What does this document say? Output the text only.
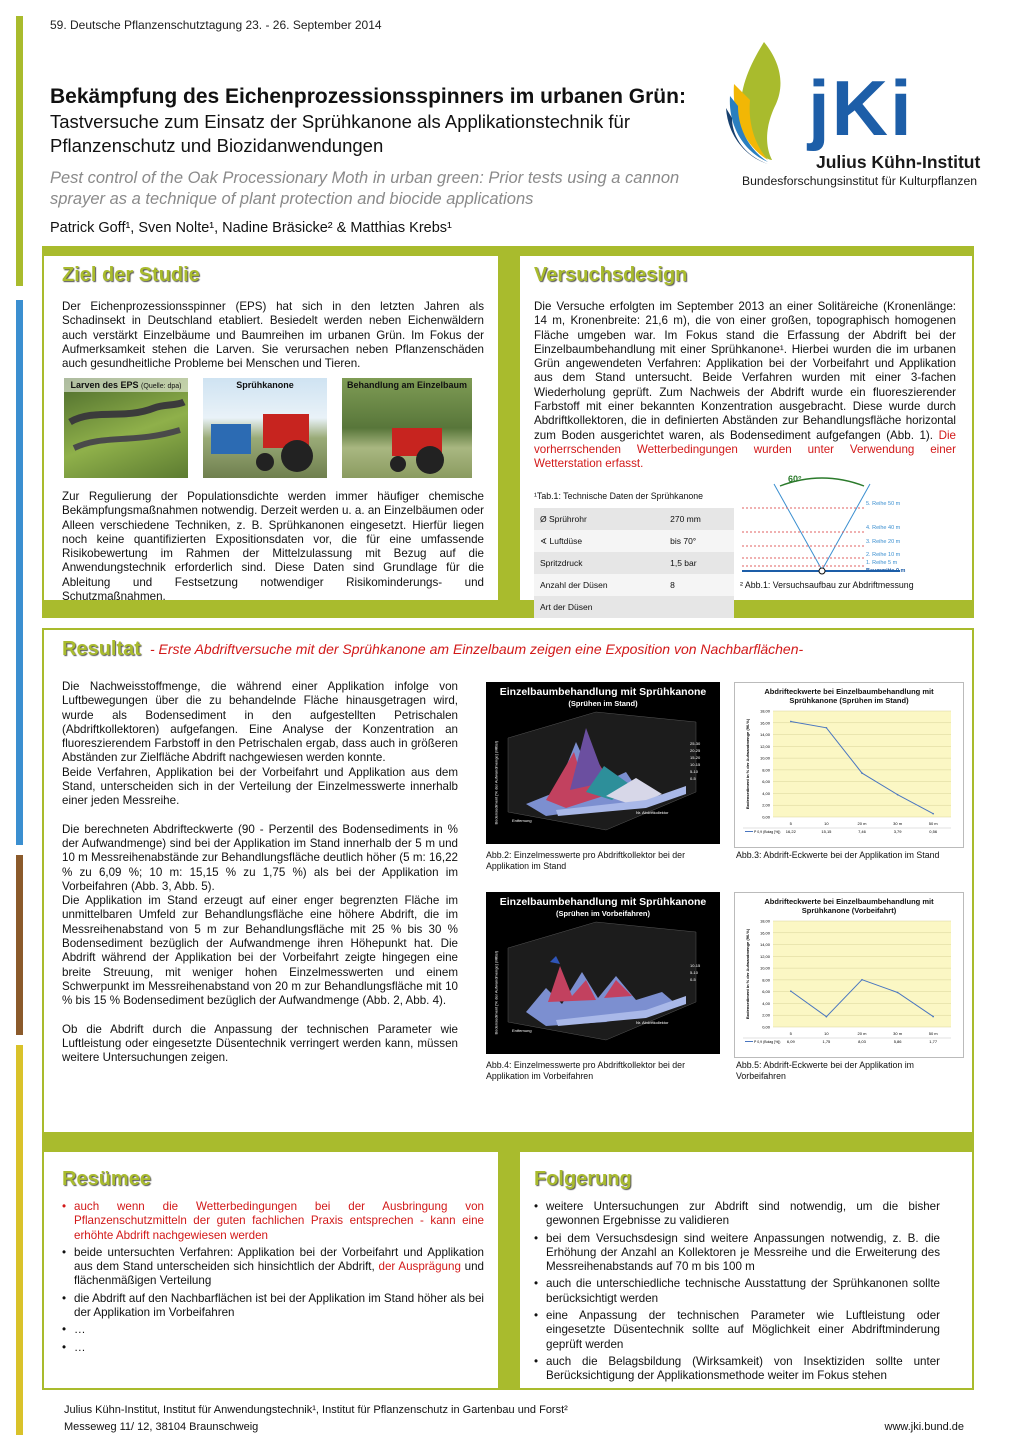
59. Deutsche Pflanzenschutztagung 23. - 26. September 2014
Bekämpfung des Eichenprozessionsspinners im urbanen Grün:
Tastversuche zum Einsatz der Sprühkanone als Applikationstechnik für Pflanzenschutz und Biozidanwendungen
Pest control of the Oak Processionary Moth in urban green: Prior tests using a cannon sprayer as a technique of plant protection and biocide applications
Patrick Goff¹, Sven Nolte¹, Nadine Bräsicke² & Matthias Krebs¹
jKi
Julius Kühn-Institut
Bundesforschungsinstitut für Kulturpflanzen
Ziel der Studie
Der Eichenprozessionsspinner (EPS) hat sich in den letzten Jahren als Schadinsekt in Deutschland etabliert. Besiedelt werden neben Eichenwäldern auch verstärkt Einzelbäume und Baumreihen im urbanen Grün. Im Fokus der Aufmerksamkeit stehen die Larven. Sie verursachen neben Pflanzenschäden auch gesundheitliche Probleme bei Menschen und Tieren.
Larven des EPS (Quelle: dpa)	Sprühkanone	Behandlung am Einzelbaum
Zur Regulierung der Populationsdichte werden immer häufiger chemische Bekämpfungsmaßnahmen notwendig. Derzeit werden u. a. an Einzelbäumen oder Alleen verschiedene Techniken, z. B. Sprühkanonen eingesetzt. Hierfür liegen noch keine quantifizierten Expositionsdaten vor, die für eine umfassende Risikobewertung im Rahmen der Mittelzulassung mit Bezug auf die Anwendungstechnik erforderlich sind. Diese Daten sind Grundlage für die Ableitung und Festsetzung notwendiger Risikominderungs- und Schutzmaßnahmen.
Versuchsdesign
Die Versuche erfolgten im September 2013 an einer Solitäreiche (Kronenlänge: 14 m, Kronenbreite: 21,6 m), die von einer großen, topographisch homogenen Fläche umgeben war. Im Fokus stand die Erfassung der Abdrift bei der Einzelbaumbehandlung mit einer Sprühkanone¹. Hierbei wurden die im urbanen Grün angewendeten Verfahren: Applikation bei der Vorbeifahrt und Applikation aus dem Stand untersucht. Beide Verfahren wurden mit einer 3-fachen Wiederholung geprüft. Zum Nachweis der Abdrift wurde ein fluoreszierender Farbstoff mit einer bekannten Konzentration ausgebracht. Diese wurde durch Abdriftkollektoren, die in definierten Abständen zur Behandlungsfläche horizontal zum Boden ausgerichtet waren, als Bodensediment aufgefangen (Abb. 1). Die vorherrschenden Wetterbedingungen wurden unter Verwendung einer Wetterstation erfasst.
¹Tab.1: Technische Daten der Sprühkanone
Ø Sprührohr	270 mm
∢ Luftdüse	bis 70°
Spritzdruck	1,5 bar
Anzahl der Düsen	8
Art der Düsen	
60°
5. Reihe 50 m
4. Reihe 40 m
3. Reihe 20 m
2. Reihe 10 m
1. Reihe 5 m
Baummitte 0 m
² Abb.1: Versuchsaufbau zur Abdriftmessung
Resultat - Erste Abdriftversuche mit der Sprühkanone am Einzelbaum zeigen eine Exposition von Nachbarflächen-

Die Nachweisstoffmenge, die während einer Applikation infolge von Luftbewegungen über die zu behandelnde Fläche hinausgetragen wird, wurde als Bodensediment in den aufgestellten Petrischalen (Abdriftkollektoren) aufgefangen. Eine Analyse der Konzentration an fluoreszierendem Farbstoff in den Petrischalen ergab, dass auch in größeren Abständen zur Zielfläche Abdrift nachgewiesen werden konnte.

Beide Verfahren, Applikation bei der Vorbeifahrt und Applikation aus dem Stand, unterscheiden sich in der Verteilung der Einzelmesswerte innerhalb einer jeden Messreihe.

Die berechneten Abdrifteckwerte (90 - Perzentil des Bodensediments in % der Aufwandmenge) sind bei der Applikation im Stand innerhalb der 5 m und 10 m Messreihenabstände zur Behandlungsfläche deutlich höher (5 m: 16,22 % zu 6,09 %; 10 m: 15,15 % zu 1,75 %) als bei der Applikation im Vorbeifahren (Abb. 3, Abb. 5).

Die Applikation im Stand erzeugt auf einer enger begrenzten Fläche im unmittelbaren Umfeld zur Behandlungsfläche eine höhere Abdrift, die im Messreihenabstand von 5 m zur Behandlungsfläche mit 25 % bis 30 % Bodensediment bezüglich der Aufwandmenge ihren Höhepunkt hat. Die Abdrift während der Applikation bei der Vorbeifahrt zeigte hingegen eine breite Streuung, mit weniger hohen Einzelmesswerten und einem Schwerpunkt im Messreihenabstand von 20 m zur Behandlungsfläche mit 10 % bis 15 % Bodensediment bezüglich der Aufwandmenge (Abb. 2, Abb. 4).

Ob die Abdrift durch die Anpassung der technischen Parameter wie Luftleistung oder eingesetzte Düsentechnik verringert werden kann, müssen weitere Untersuchungen zeigen.

Einzelbaumbehandlung mit Sprühkanone
(Sprühen im Stand)
Bodensediment [% der Aufwandmenge] (Mittel)	Nr. Abdriftkollektor
Entfernung
25-30
20-25
15-20
10-15
5-10
0-5
Abb.2: Einzelmesswerte pro Abdriftkollektor bei der Applikation im Stand
Abdrifteckwerte bei Einzelbaumbehandlung mit Sprühkanone (Sprühen im Stand)
0,00
2,00
4,00
6,00
8,00
10,00
12,00
14,00
16,00
18,00
5
16,22
10
15,15
20 m
7,46
30 m
3,79
50 m
0,56
P 0,9 (Bolag [%])
Bodensediment in % der Aufwandmenge (90.%)
Abb.3: Abdrift-Eckwerte bei der Applikation im Stand
Einzelbaumbehandlung mit Sprühkanone
(Sprühen im Vorbeifahren)
Bodensediment [% der Aufwandmenge] (Mittel)	Nr. Abdriftkollektor
Entfernung
10-15
5-10
0-5
Abb.4: Einzelmesswerte pro Abdriftkollektor bei der Applikation im Vorbeifahren
Abdrifteckwerte bei Einzelbaumbehandlung mit Sprühkanone (Vorbeifahrt)
0,00
2,00
4,00
6,00
8,00
10,00
12,00
14,00
16,00
18,00
5
6,09
10
1,75
20 m
8,03
30 m
5,86
50 m
1,77
P 0,9 (Bolag [%])
Bodensediment in % der Aufwandmenge (90.%)
Abb.5: Abdrift-Eckwerte bei der Applikation im Vorbeifahren
Resümee
• auch wenn die Wetterbedingungen bei der Ausbringung von Pflanzenschutzmitteln der guten fachlichen Praxis entsprechen - kann eine erhöhte Abdrift nachgewiesen werden
• beide untersuchten Verfahren: Applikation bei der Vorbeifahrt und Applikation aus dem Stand unterscheiden sich hinsichtlich der Abdrift, der Ausprägung und flächenmäßigen Verteilung
• die Abdrift auf den Nachbarflächen ist bei der Applikation im Stand höher als bei der Applikation im Vorbeifahren
• …
• …
Folgerung
• weitere Untersuchungen zur Abdrift sind notwendig, um die bisher gewonnen Ergebnisse zu validieren
• bei dem Versuchsdesign sind weitere Anpassungen notwendig, z. B. die Erhöhung der Anzahl an Kollektoren je Messreihe und die Erweiterung des Messreihenabstands auf 70 m bis 100 m
• auch die unterschiedliche technische Ausstattung der Sprühkanonen sollte berücksichtigt werden
• eine Anpassung der technischen Parameter wie Luftleistung oder eingesetzte Düsentechnik sollte auf Möglichkeit einer Abdriftminderung geprüft werden
• auch die Belagsbildung (Wirksamkeit) von Insektiziden sollte unter Berücksichtigung der Applikationsmethode weiter im Fokus stehen
Julius Kühn-Institut, Institut für Anwendungstechnik¹, Institut für Pflanzenschutz in Gartenbau und Forst²
Messeweg 11/ 12, 38104 Braunschweig	www.jki.bund.de
